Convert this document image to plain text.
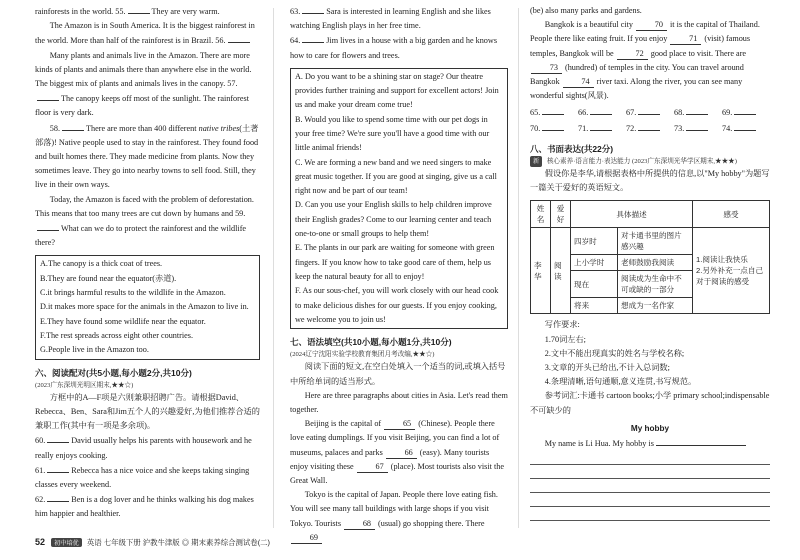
rainforests in the world. 55.	They are very warm.

The Amazon is in South America. It is the biggest rainforest in the world. More than half of the rainforest is in Brazil. 56.

Many plants and animals live in the Amazon. There are more kinds of plants and animals there than anywhere else in the world. The biggest mix of plants and animals lives in the canopy. 57.The canopy keeps off most of the sunlight. The rainforest floor is very dark.

58.	There are more than 400 different native tribes(土著部落)! Native people used to stay in the rainforest. They found food and built homes there. They made medicine from plants. Now they sometimes leave. They go into nearby towns to sell food. Still, they live in their own ways.

Today, the Amazon is faced with the problem of deforestation. This means that too many trees are cut down by humans and 59.What can we do to protect the rainforest and the wildlife there?

A.The canopy is a thick coat of trees.

B.They are found near the equator(赤道).

C.it brings harmful results to the wildlife in the Amazon.

D.it makes more space for the animals in the Amazon to live in.

E.They have found some wildlife near the equator.

F.The rest spreads across eight other countries.

G.People live in the Amazon too.

六、阅读配对(共5小题,每小题2分,共10分)

(2023广东深圳光明区期末,★★☆)

方框中的A—F项是六则兼职招聘广告。请根据David、Rebecca、Ben、Sara和Jim五个人的兴趣爱好,为他们推荐合适的兼职工作(其中有一项是多余项)。

60.	David usually helps his parents with housework and he really enjoys cooking.

61.	Rebecca has a nice voice and she keeps taking singing classes every weekend.

62.	Ben is a dog lover and he thinks walking his dog makes him happier and healthier.

63.	Sara is interested in learning English and she likes watching English plays in her free time.

64.	Jim lives in a house with a big garden and he knows how to care for flowers and trees.

A. Do you want to be a shining star on stage? Our theatre provides further training and support for excellent actors! Join us and make your dream come true!

B. Would you like to spend some time with our pet dogs in your free time? We're sure you'll have a good time with our little animal friends!

C. We are forming a new band and we need singers to make great music together. If you are good at singing, give us a call right now and be part of our team!

D. Can you use your English skills to help children improve their English grades? Come to our learning center and teach one-to-one or small groups to help them!

E. The plants in our park are waiting for someone with green fingers. If you know how to take good care of them, help us keep the natural beauty for all to enjoy!

F. As our sous-chef, you will work closely with our head cook to make delicious dishes for our guests. If you enjoy cooking, we welcome you to join us!

七、语法填空(共10小题,每小题1分,共10分)

(2024辽宁沈阳实验学校教育集团月考改编,★★☆)

阅读下面的短文,在空白处填入一个适当的词,或填入括号中所给单词的适当形式。

Here are three paragraphs about cities in Asia. Let's read them together.

Beijing is the capital of	65 (Chinese). People there love eating dumplings. If you visit Beijing, you can find a lot of museums, palaces and parks	66 (easy). Many tourists enjoy visiting these	67 (place). Most tourists also visit the Great Wall.

Tokyo is the capital of Japan. People there love eating fish. You will see many tall buildings with large shops if you visit Tokyo. Tourists	68 (usual) go shopping there. There 69

(be) also many parks and gardens.

Bangkok is a beautiful city	70 it is the capital of Thailand. People there like eating fruit. If you enjoy	71 (visit) famous temples, Bangkok will be	72 good place to visit. There are 73 (hundred) of temples in the city. You can travel around Bangkok	74 river taxi. Along the river, you can see many wonderful sights(风景).

65.	66.	67.	68.	69.
70.	71.	72.	73.	74.
八、书面表达(共22分)

新 核心素养·语言能力·表达能力 (2023广东深圳光华学区期末,★★★)

假设你是李华,请根据表格中所提供的信息,以"My hobby"为题写一篇关于爱好的英语短文。

姓名	爱好	具体描述		感受
李华	阅读	四岁时	对卡通书里的图片感兴趣	1.阅读让我快乐
2.另外补充一点自己对于阅读的感受
		上小学时	老师鼓励我阅读	
		现在	阅读成为生命中不可或缺的一部分	
		将来	想成为一名作家	

写作要求:

1.70词左右;

2.文中不能出现真实的姓名与学校名称;

3.文章的开头已给出,不计入总词数;

4.条理清晰,语句通顺,意义连贯,书写规范。

参考词汇:卡通书 cartoon books;小学 primary school;indispensable 不可缺少的

My hobby

My name is Li Hua. My hobby is

52 初中培优 英语 七年级下册 沪教牛津版 ◎ 期末素养综合测试卷(二)
